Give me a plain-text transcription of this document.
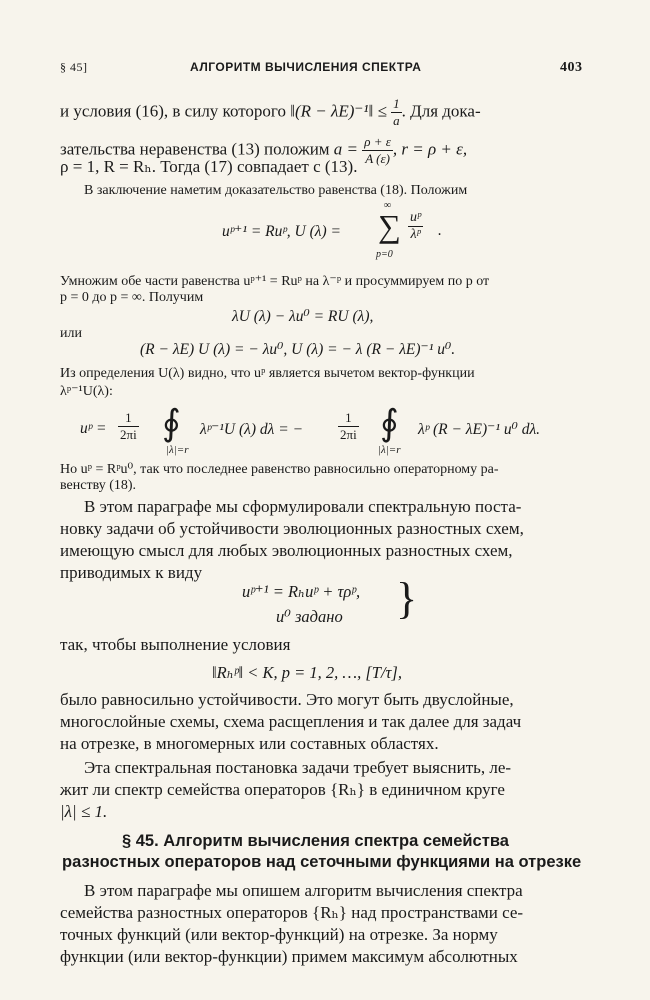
§ 45]	АЛГОРИТМ ВЫЧИСЛЕНИЯ СПЕКТРА	403
и условия (16), в силу которого ‖(R − λE)⁻¹‖ ≤ $\frac{1}{a}$ . Для дока-
зательства неравенства (13) положим $a = \frac{\rho + \varepsilon}{A (\varepsilon)}$ , r = ρ + ε,
ρ = 1, R = Rₕ. Тогда (17) совпадает с (13).
В заключение наметим доказательство равенства (18). Положим
uᵖ⁺¹ = Ruᵖ, U (λ) =
∞
∑
p=0
$\frac{\text{uᵖ}}{\text{λᵖ}}$ .
Умножим обе части равенства uᵖ⁺¹ = Ruᵖ на λ⁻ᵖ и просуммируем по p от
p = 0 до p = ∞. Получим
λU (λ) − λu⁰ = RU (λ),
или
(R − λE) U (λ) = − λu⁰, U (λ) = − λ (R − λE)⁻¹ u⁰.
Из определения U(λ) видно, что uᵖ является вычетом вектор-функции
λᵖ⁻¹U(λ):
uᵖ = $\frac{1}{2\pi i}$ ∮
|λ|=r
λᵖ⁻¹U (λ) dλ = −	$\frac{1}{2\pi i}$ ∮
|λ|=r
λᵖ (R − λE)⁻¹ u⁰ dλ.
Но uᵖ = Rᵖu⁰, так что последнее равенство равносильно операторному ра-
венству (18).
В этом параграфе мы сформулировали спектральную поста-
новку задачи об устойчивости эволюционных разностных схем,
имеющую смысл для любых эволюционных разностных схем,
приводимых к виду
uᵖ⁺¹ = Rₕuᵖ + τρᵖ,
u⁰ задано }
так, чтобы выполнение условия
‖Rₕᵖ‖ < K, p = 1, 2, …, [T/τ],
было равносильно устойчивости. Это могут быть двуслойные,
многослойные схемы, схема расщепления и так далее для задач
на отрезке, в многомерных или составных областях.
Эта спектральная постановка задачи требует выяснить, ле-
жит ли спектр семейства операторов {Rₕ} в единичном круге
|λ| ≤ 1.
§ 45. Алгоритм вычисления спектра семейства
разностных операторов над сеточными функциями на отрезке
В этом параграфе мы опишем алгоритм вычисления спектра
семейства разностных операторов {Rₕ} над пространствами се-
точных функций (или вектор-функций) на отрезке. За норму
функции (или вектор-функции) примем максимум абсолютных
